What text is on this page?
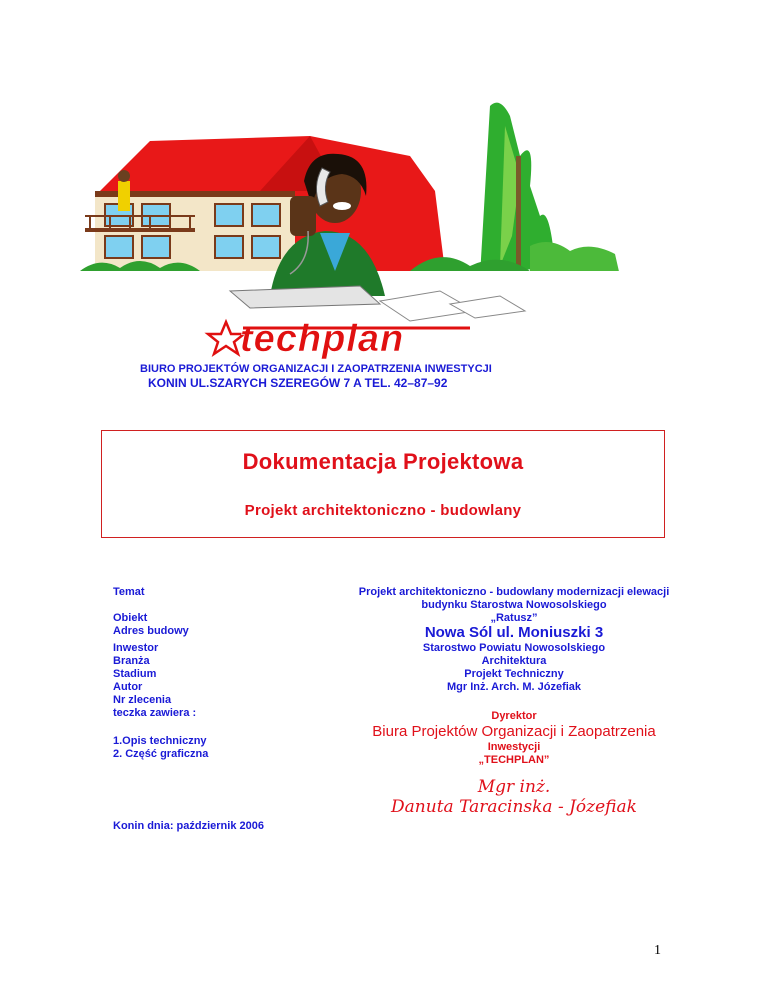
techplan
BIURO PROJEKTÓW ORGANIZACJI I ZAOPATRZENIA INWESTYCJI
KONIN UL.SZARYCH SZEREGÓW 7 A TEL. 42–87–92
Dokumentacja Projektowa
Projekt architektoniczno - budowlany
Temat
Obiekt
Adres budowy
Inwestor
Branża
Stadium
Autor
Nr zlecenia
teczka zawiera :
1.Opis techniczny
2. Część graficzna
Projekt architektoniczno - budowlany modernizacji elewacji
budynku Starostwa Nowosolskiego
„Ratusz”
Nowa Sól ul. Moniuszki 3
Starostwo Powiatu Nowosolskiego
Architektura
Projekt Techniczny
Mgr Inż. Arch. M. Józefiak
Dyrektor
Biura Projektów Organizacji i Zaopatrzenia
Inwestycji
„TECHPLAN”
Mgr inż.
Danuta Taracinska - Józefiak
Konin dnia: październik 2006
1
